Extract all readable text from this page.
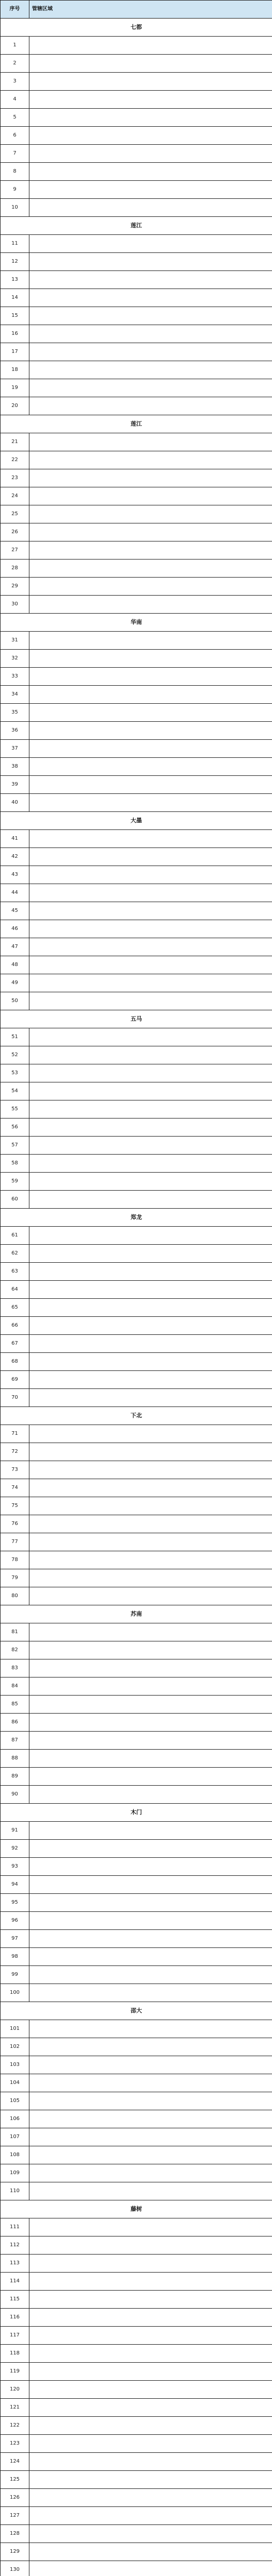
序号	管辖区域
七都	
1	
2	
3	
4	
5	
6	
7	
8	
9	
10	
莲江	
11	
12	
13	
14	
15	
16	
17	
18	
19	
20	
莲江	
21	
22	
23	
24	
25	
26	
27	
28	
29	
30	
华南	
31	
32	
33	
34	
35	
36	
37	
38	
39	
40	
大墨	
41	
42	
43	
44	
45	
46	
47	
48	
49	
50	
五马	
51	
52	
53	
54	
55	
56	
57	
58	
59	
60	
郑龙	
61	
62	
63	
64	
65	
66	
67	
68	
69	
70	
下北	
71	
72	
73	
74	
75	
76	
77	
78	
79	
80	
苏南	
81	
82	
83	
84	
85	
86	
87	
88	
89	
90	
木门	
91	
92	
93	
94	
95	
96	
97	
98	
99	
100	
邵大	
101	
102	
103	
104	
105	
106	
107	
108	
109	
110	
藤树	
111	
112	
113	
114	
115	
116	
117	
118	
119	
120	
121	
122	
123	
124	
125	
126	
127	
128	
129	
130	
